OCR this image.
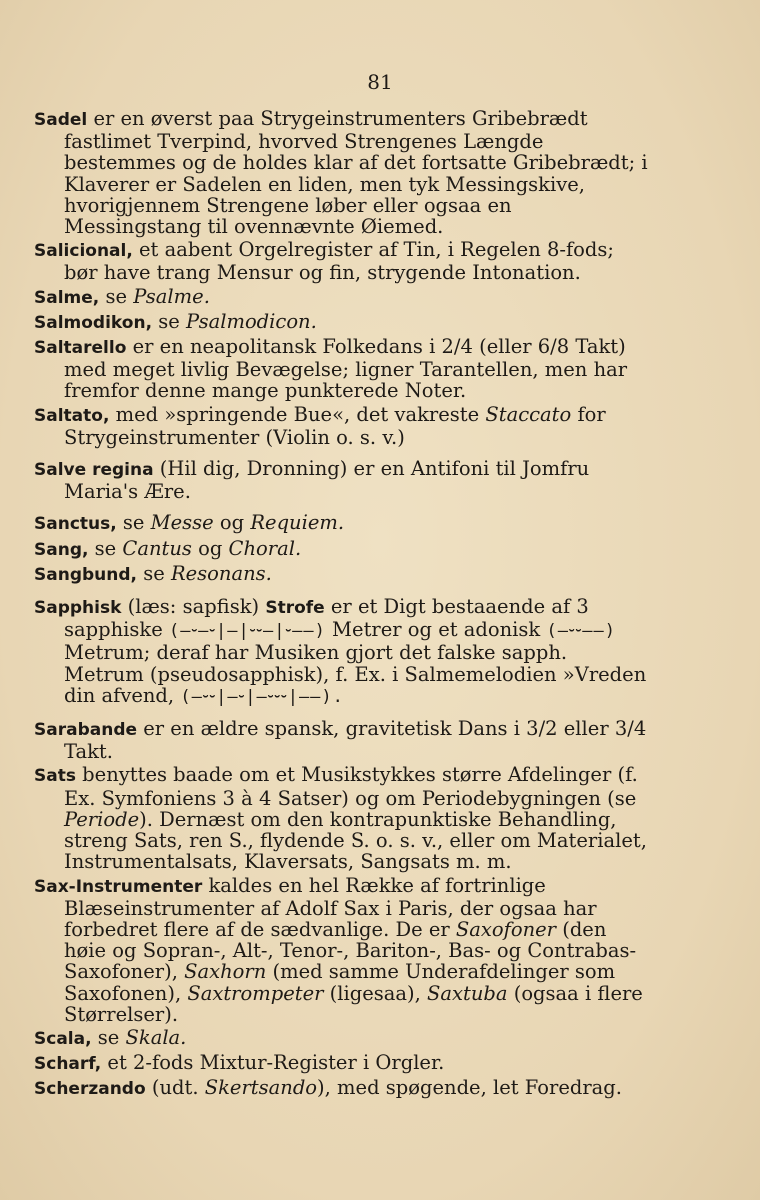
81

Sadel er en øverst paa Strygeinstrumenters Gribebrædt fastlimet Tverpind, hvorved Strengenes Længde bestemmes og de holdes klar af det fortsatte Gribebrædt; i Klaverer er Sadelen en liden, men tyk Messingskive, hvorigjennem Strengene løber eller ogsaa en Messingstang til ovennævnte Øiemed.

Salicional, et aabent Orgelregister af Tin, i Regelen 8-fods; bør have trang Mensur og fin, strygende Intonation.

Salme, se Psalme.

Salmodikon, se Psalmodicon.

Saltarello er en neapolitansk Folkedans i 2/4 (eller 6/8 Takt) med meget livlig Bevægelse; ligner Tarantellen, men har fremfor denne mange punkterede Noter.

Saltato, med »springende Bue«, det vakreste Staccato for Strygeinstrumenter (Violin o. s. v.)

Salve regina (Hil dig, Dronning) er en Antifoni til Jomfru Maria's Ære.

Sanctus, se Messe og Requiem.

Sang, se Cantus og Choral.

Sangbund, se Resonans.

Sapphisk (læs: sapfisk) Strofe er et Digt bestaaende af 3 sapphiske (–⏑–⏑|–|⏑⏑–|⏑––) Metrer og et adonisk (–⏑⏑––) Metrum; deraf har Musiken gjort det falske sapph. Metrum (pseudosapphisk), f. Ex. i Salmemelodien »Vreden din afvend, (–⏑⏑|–⏑|–⏑⏑⏑|––).

Sarabande er en ældre spansk, gravitetisk Dans i 3/2 eller 3/4 Takt.

Sats benyttes baade om et Musikstykkes større Afdelinger (f. Ex. Symfoniens 3 à 4 Satser) og om Periodebygningen (se Periode). Dernæst om den kontrapunktiske Behandling, streng Sats, ren S., flydende S. o. s. v., eller om Materialet, Instrumentalsats, Klaversats, Sangsats m. m.

Sax-Instrumenter kaldes en hel Række af fortrinlige Blæseinstrumenter af Adolf Sax i Paris, der ogsaa har forbedret flere af de sædvanlige. De er Saxofoner (den høie og Sopran-, Alt-, Tenor-, Bariton-, Bas- og Contrabas-Saxofoner), Saxhorn (med samme Underafdelinger som Saxofonen), Saxtrompeter (ligesaa), Saxtuba (ogsaa i flere Størrelser).

Scala, se Skala.

Scharf, et 2-fods Mixtur-Register i Orgler.

Scherzando (udt. Skertsando), med spøgende, let Foredrag.
